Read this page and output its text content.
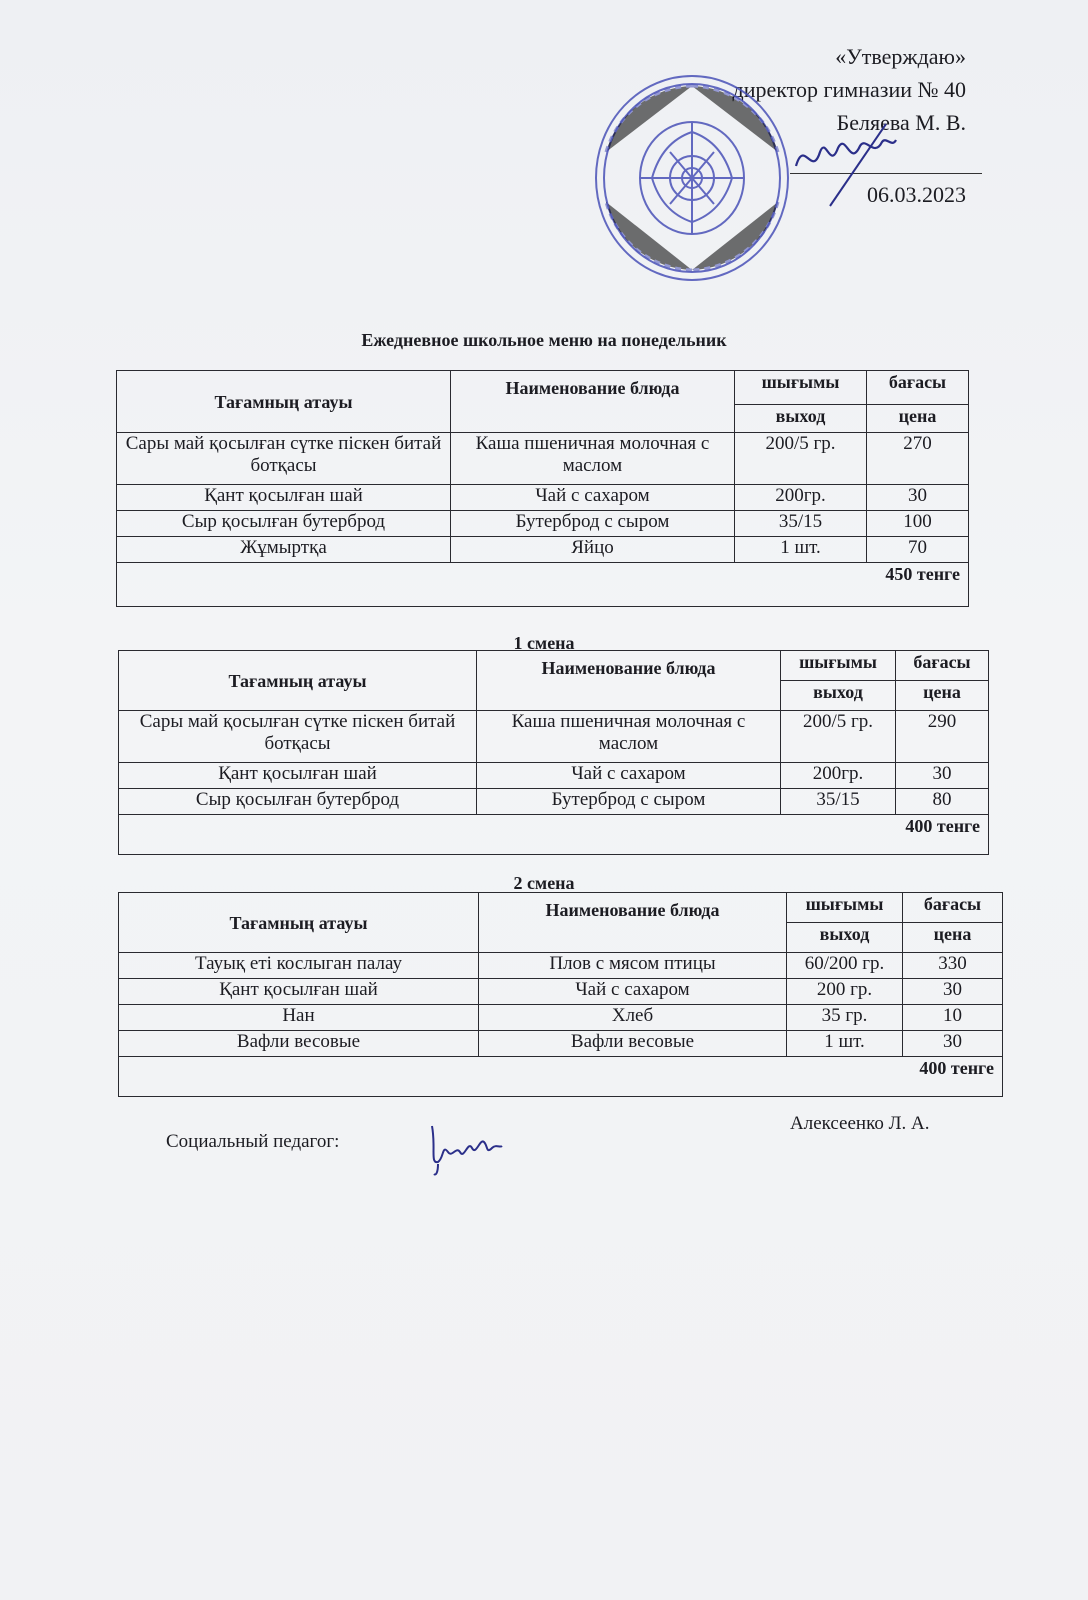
«Утверждаю»
директор гимназии № 40
Беляева М. В.
06.03.2023
Ежедневное школьное меню на понедельник
Тағамның атауы	Наименование блюда	шығымы	бағасы
		выход	цена
Сары май қосылған сүтке піскен битай ботқасы	Каша пшеничная молочная с маслом	200/5 гр.	270
Қант қосылған шай	Чай с сахаром	200гр.	30
Сыр қосылған бутерброд	Бутерброд с сыром	35/15	100
Жұмыртқа	Яйцо	1 шт.	70
450 тенге			
1 смена
Тағамның атауы	Наименование блюда	шығымы	бағасы
		выход	цена
Сары май қосылған сүтке піскен битай ботқасы	Каша пшеничная молочная с маслом	200/5 гр.	290
Қант қосылған шай	Чай с сахаром	200гр.	30
Сыр қосылған бутерброд	Бутерброд с сыром	35/15	80
400 тенге			
2 смена
Тағамның атауы	Наименование блюда	шығымы	бағасы
		выход	цена
Тауық еті кослыган палау	Плов с мясом птицы	60/200 гр.	330
Қант қосылған шай	Чай с сахаром	200 гр.	30
Нан	Хлеб	35 гр.	10
Вафли весовые	Вафли весовые	1 шт.	30
400 тенге			
Социальный педагог:
Алексеенко Л. А.
